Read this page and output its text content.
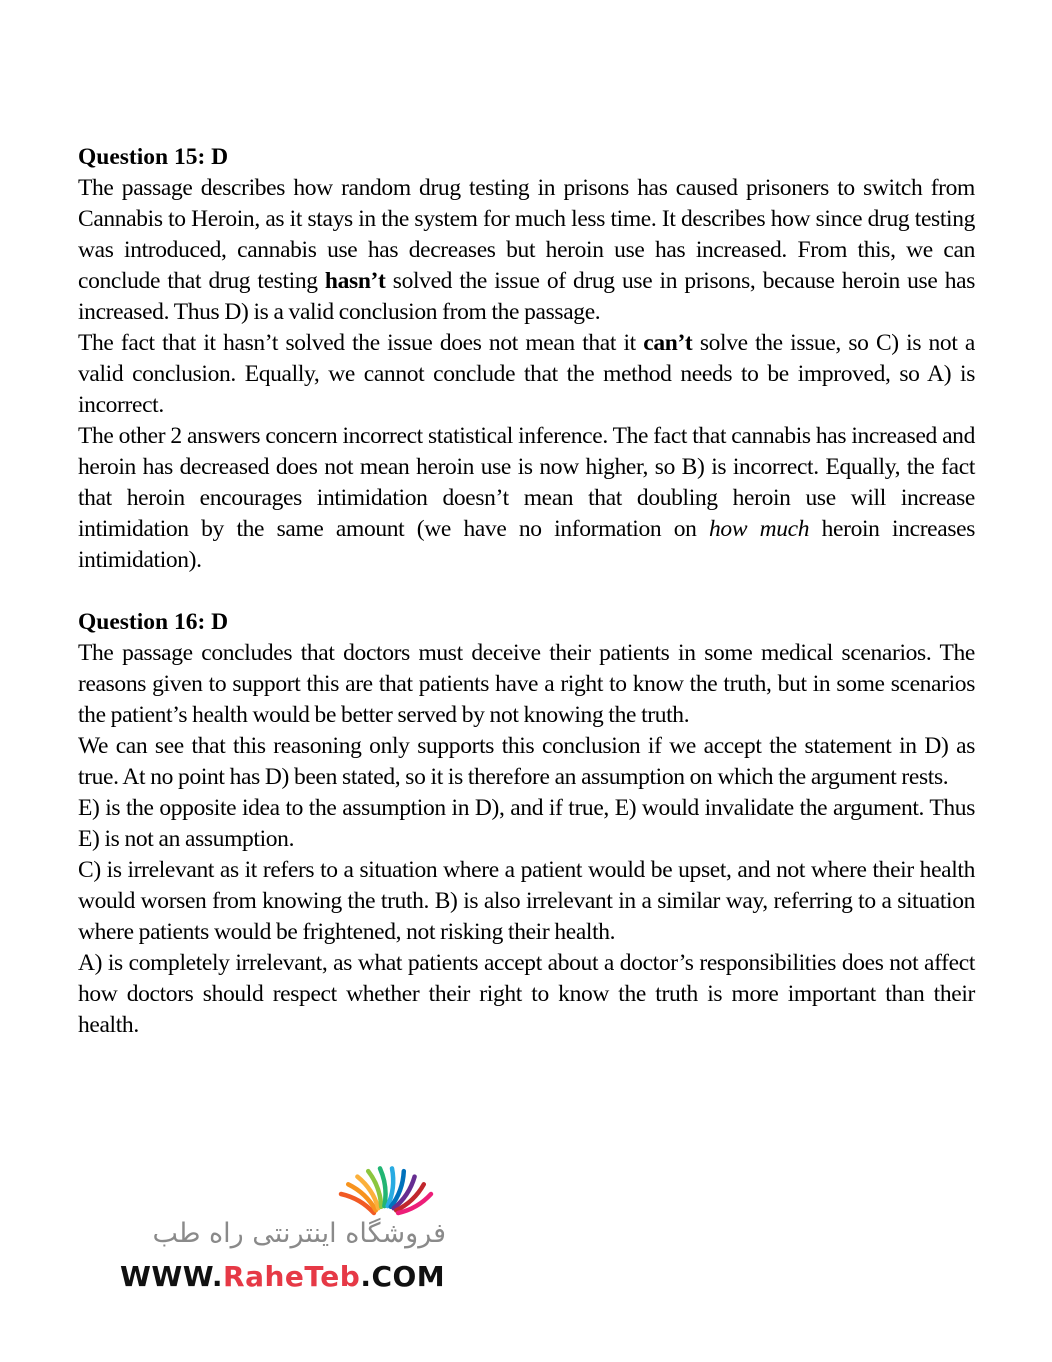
Question 15: D

The passage describes how random drug testing in prisons has caused prisoners to switch from Cannabis to Heroin, as it stays in the system for much less time. It describes how since drug testing was introduced, cannabis use has decreases but heroin use has increased. From this, we can conclude that drug testing hasn’t solved the issue of drug use in prisons, because heroin use has increased. Thus D) is a valid conclusion from the passage.

The fact that it hasn’t solved the issue does not mean that it can’t solve the issue, so C) is not a valid conclusion. Equally, we cannot conclude that the method needs to be improved, so A) is incorrect.

The other 2 answers concern incorrect statistical inference. The fact that cannabis has increased and heroin has decreased does not mean heroin use is now higher, so B) is incorrect. Equally, the fact that heroin encourages intimidation doesn’t mean that doubling heroin use will increase intimidation by the same amount (we have no information on how much heroin increases intimidation).

Question 16: D

The passage concludes that doctors must deceive their patients in some medical scenarios. The reasons given to support this are that patients have a right to know the truth, but in some scenarios the patient’s health would be better served by not knowing the truth.

We can see that this reasoning only supports this conclusion if we accept the statement in D) as true. At no point has D) been stated, so it is therefore an assumption on which the argument rests.

E) is the opposite idea to the assumption in D), and if true, E) would invalidate the argument. Thus E) is not an assumption.

C) is irrelevant as it refers to a situation where a patient would be upset, and not where their health would worsen from knowing the truth. B) is also irrelevant in a similar way, referring to a situation where patients would be frightened, not risking their health.

A) is completely irrelevant, as what patients accept about a doctor’s responsibilities does not affect how doctors should respect whether their right to know the truth is more important than their health.

فروشگاه اینترنتی راه طب
WWW.RaheTeb.COM
